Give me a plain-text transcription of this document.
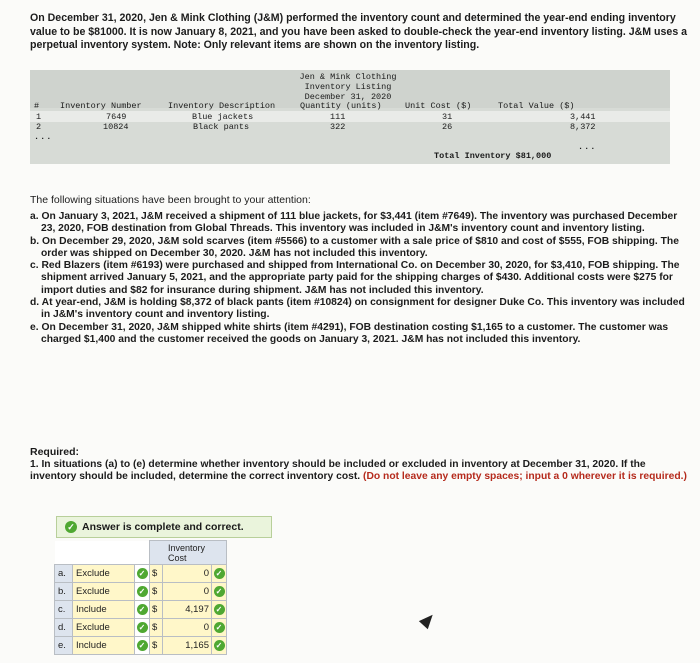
On December 31, 2020, Jen & Mink Clothing (J&M) performed the inventory count and determined the year-end ending inventory value to be $81000. It is now January 8, 2021, and you have been asked to double-check the year-end inventory listing. J&M uses a perpetual inventory system. Note: Only relevant items are shown on the inventory listing.
Jen & Mink Clothing
Inventory Listing
December 31, 2020
# Inventory Number	Inventory Description	Quantity (units)	Unit Cost ($)	Total Value ($)
1	7649	Blue jackets	111	31	3,441
2	10824	Black pants	322	26	8,372
...
...
Total Inventory $81,000
The following situations have been brought to your attention:
a. On January 3, 2021, J&M received a shipment of 111 blue jackets, for $3,441 (item #7649). The inventory was purchased December 23, 2020, FOB destination from Global Threads. This inventory was included in J&M's inventory count and inventory listing.
b. On December 29, 2020, J&M sold scarves (item #5566) to a customer with a sale price of $810 and cost of $555, FOB shipping. The order was shipped on December 30, 2020. J&M has not included this inventory.
c. Red Blazers (item #6193) were purchased and shipped from International Co. on December 30, 2020, for $3,410, FOB shipping. The shipment arrived January 5, 2021, and the appropriate party paid for the shipping charges of $430. Additional costs were $275 for import duties and $82 for insurance during shipment. J&M has not included this inventory.
d. At year-end, J&M is holding $8,372 of black pants (item #10824) on consignment for designer Duke Co. This inventory was included in J&M's inventory count and inventory listing.
e. On December 31, 2020, J&M shipped white shirts (item #4291), FOB destination costing $1,165 to a customer. The customer was charged $1,400 and the customer received the goods on January 3, 2021. J&M has not included this inventory.
Required:
1. In situations (a) to (e) determine whether inventory should be included or excluded in inventory at December 31, 2020. If the inventory should be included, determine the correct inventory cost. (Do not leave any empty spaces; input a 0 wherever it is required.)
✓ Answer is complete and correct.
			Inventory Cost		
a.	Exclude	✓	$	0	✓
b.	Exclude	✓	$	0	✓
c.	Include	✓	$	4,197	✓
d.	Exclude	✓	$	0	✓
e.	Include	✓	$	1,165	✓
